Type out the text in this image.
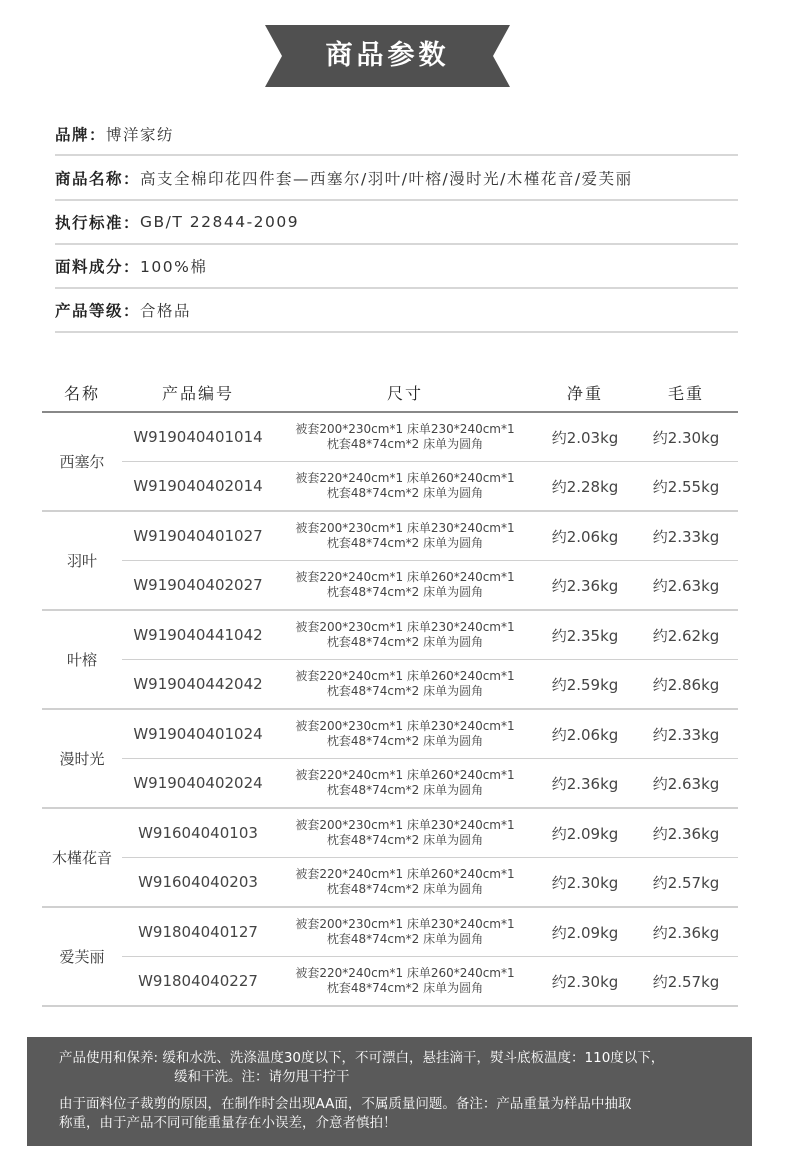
商品参数
品牌： 博洋家纺
商品名称： 高支全棉印花四件套—西塞尔/羽叶/叶榕/漫时光/木槿花音/爱芙丽
执行标准： GB/T 22844-2009
面料成分： 100%棉
产品等级： 合格品
名称	产品编号	尺寸	净重	毛重
西塞尔
W919040401014	被套200*230cm*1 床单230*240cm*1
枕套48*74cm*2 床单为圆角	约2.03kg	约2.30kg
W919040402014	被套220*240cm*1 床单260*240cm*1
枕套48*74cm*2 床单为圆角	约2.28kg	约2.55kg
羽叶
W919040401027	被套200*230cm*1 床单230*240cm*1
枕套48*74cm*2 床单为圆角	约2.06kg	约2.33kg
W919040402027	被套220*240cm*1 床单260*240cm*1
枕套48*74cm*2 床单为圆角	约2.36kg	约2.63kg
叶榕
W919040441042	被套200*230cm*1 床单230*240cm*1
枕套48*74cm*2 床单为圆角	约2.35kg	约2.62kg
W919040442042	被套220*240cm*1 床单260*240cm*1
枕套48*74cm*2 床单为圆角	约2.59kg	约2.86kg
漫时光
W919040401024	被套200*230cm*1 床单230*240cm*1
枕套48*74cm*2 床单为圆角	约2.06kg	约2.33kg
W919040402024	被套220*240cm*1 床单260*240cm*1
枕套48*74cm*2 床单为圆角	约2.36kg	约2.63kg
木槿花音
W91604040103	被套200*230cm*1 床单230*240cm*1
枕套48*74cm*2 床单为圆角	约2.09kg	约2.36kg
W91604040203	被套220*240cm*1 床单260*240cm*1
枕套48*74cm*2 床单为圆角	约2.30kg	约2.57kg
爱芙丽
W91804040127	被套200*230cm*1 床单230*240cm*1
枕套48*74cm*2 床单为圆角	约2.09kg	约2.36kg
W91804040227	被套220*240cm*1 床单260*240cm*1
枕套48*74cm*2 床单为圆角	约2.30kg	约2.57kg

产品使用和保养: 缓和水洗、洗涤温度30度以下，不可漂白，悬挂滴干，熨斗底板温度：110度以下，
缓和干洗。注：请勿甩干拧干

由于面料位子裁剪的原因，在制作时会出现AA面，不属质量问题。备注：产品重量为样品中抽取
称重，由于产品不同可能重量存在小误差，介意者慎拍！
